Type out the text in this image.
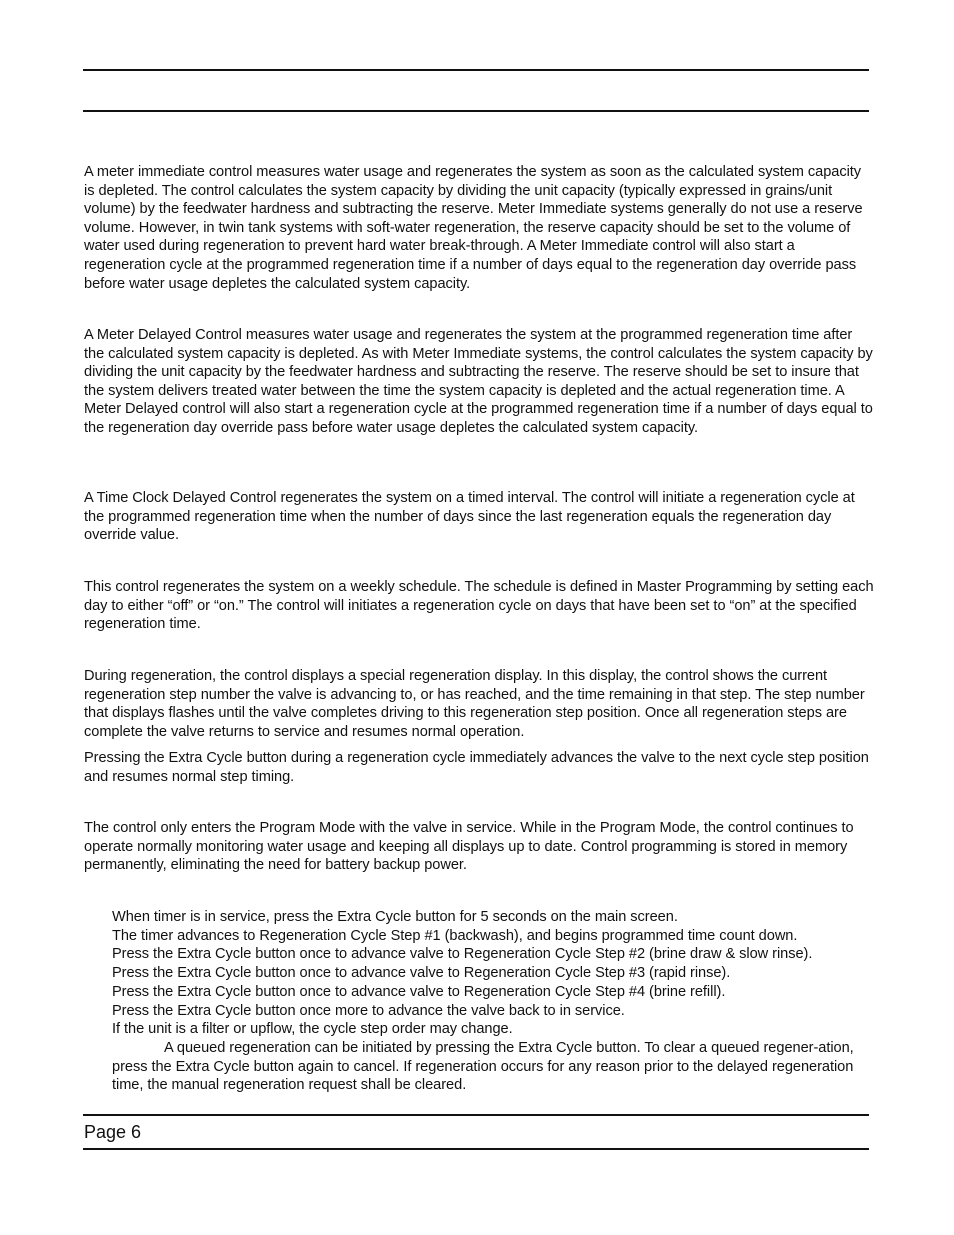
A meter immediate control measures water usage and regenerates the system as soon as the calculated system capacity is depleted. The control calculates the system capacity by dividing the unit capacity (typically expressed in grains/unit volume) by the feedwater hardness and subtracting the reserve. Meter Immediate systems generally do not use a reserve volume. However, in twin tank systems with soft-water regeneration, the reserve capacity should be set to the volume of water used during regeneration to prevent hard water break-through. A Meter Immediate control will also start a regeneration cycle at the programmed regeneration time if a number of days equal to the regeneration day override pass before water usage depletes the calculated system capacity.

A Meter Delayed Control measures water usage and regenerates the system at the programmed regeneration time after the calculated system capacity is depleted. As with Meter Immediate systems, the control calculates the system capacity by dividing the unit capacity by the feedwater hardness and subtracting the reserve. The reserve should be set to insure that the system delivers treated water between the time the system capacity is depleted and the actual regeneration time. A Meter Delayed control will also start a regeneration cycle at the programmed regeneration time if a number of days equal to the regeneration day override pass before water usage depletes the calculated system capacity.

A Time Clock Delayed Control regenerates the system on a timed interval. The control will initiate a regeneration cycle at the programmed regeneration time when the number of days since the last regeneration equals the regeneration day override value.

This control regenerates the system on a weekly schedule. The schedule is defined in Master Programming by setting each day to either “off” or “on.” The control will initiates a regeneration cycle on days that have been set to “on” at the specified regeneration time.

During regeneration, the control displays a special regeneration display. In this display, the control shows the current regeneration step number the valve is advancing to, or has reached, and the time remaining in that step. The step number that displays flashes until the valve completes driving to this regeneration step position. Once all regeneration steps are complete the valve returns to service and resumes normal operation.

Pressing the Extra Cycle button during a regeneration cycle immediately advances the valve to the next cycle step position and resumes normal step timing.

The control only enters the Program Mode with the valve in service. While in the Program Mode, the control continues to operate normally monitoring water usage and keeping all displays up to date. Control programming is stored in memory permanently, eliminating the need for battery backup power.

When timer is in service, press the Extra Cycle button for 5 seconds on the main screen.
The timer advances to Regeneration Cycle Step #1 (backwash), and begins programmed time count down.
Press the Extra Cycle button once to advance valve to Regeneration Cycle Step #2 (brine draw & slow rinse).
Press the Extra Cycle button once to advance valve to Regeneration Cycle Step #3 (rapid rinse).
Press the Extra Cycle button once to advance valve to Regeneration Cycle Step #4 (brine refill).
Press the Extra Cycle button once more to advance the valve back to in service.
If the unit is a filter or upflow, the cycle step order may change.
A queued regeneration can be initiated by pressing the Extra Cycle button. To clear a queued regener-ation, press the Extra Cycle button again to cancel. If regeneration occurs for any reason prior to the delayed regeneration time, the manual regeneration request shall be cleared.
Page 6
